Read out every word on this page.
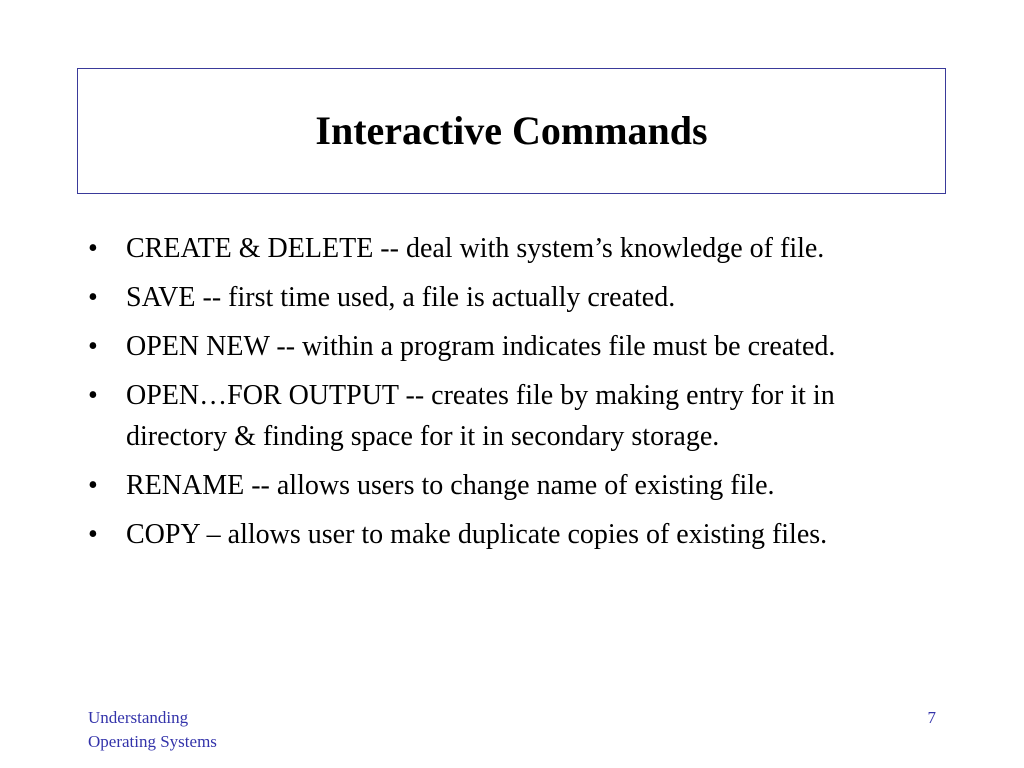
Interactive Commands
• CREATE & DELETE -- deal with system’s knowledge of file.
• SAVE -- first time used, a file is actually created.
• OPEN NEW -- within a program indicates file must be created.
• OPEN…FOR OUTPUT -- creates file by making entry for it in directory & finding space for it in secondary storage.
• RENAME -- allows users to change name of existing file.
• COPY – allows user to make duplicate copies of existing files.
Understanding
Operating Systems
7
